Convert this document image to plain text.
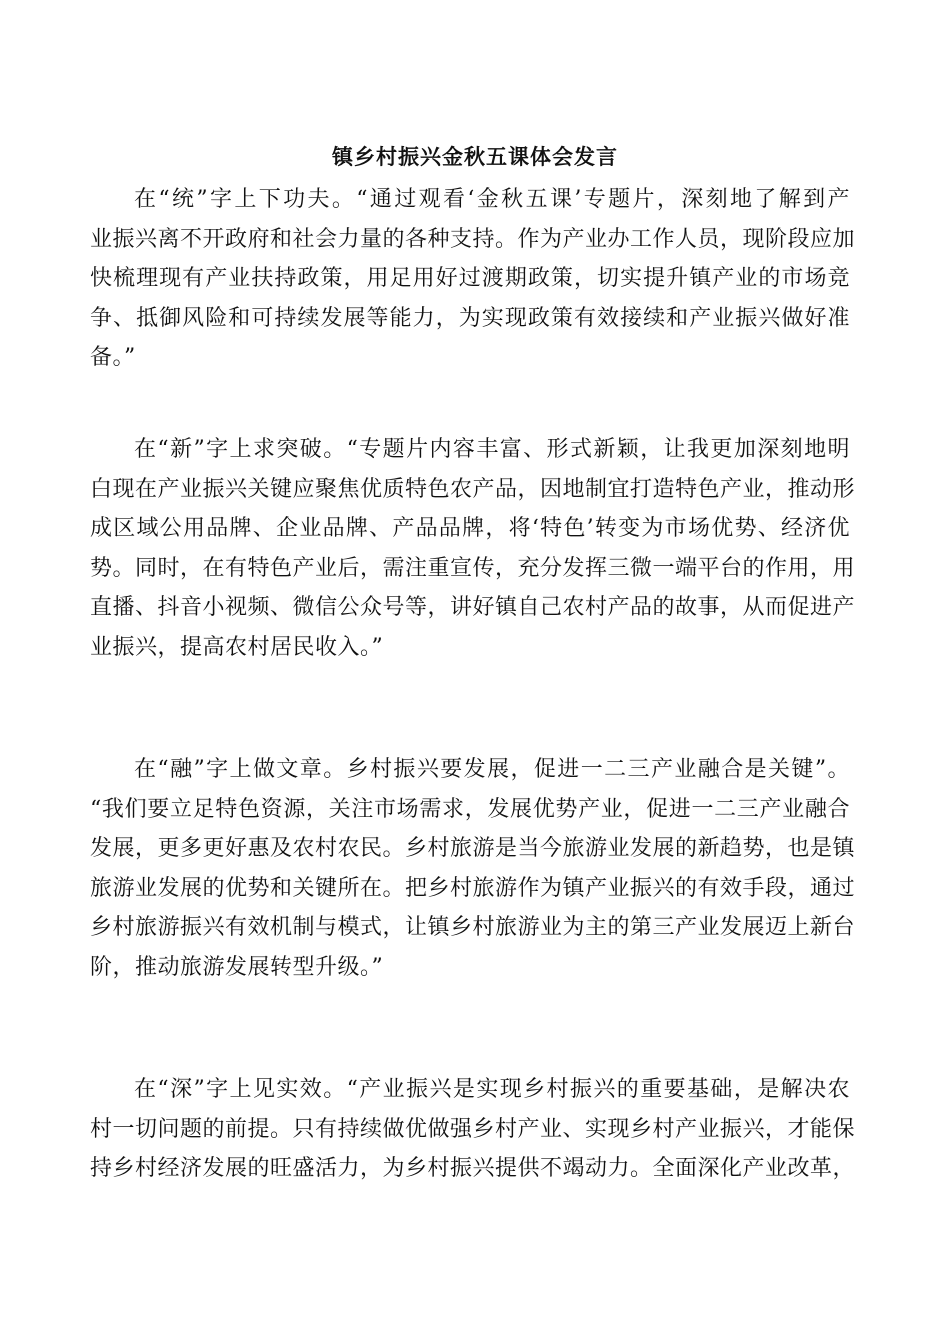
镇乡村振兴金秋五课体会发言
在“统”字上下功夫。“通过观看‘金秋五课’专题片，深刻地了解到产
业振兴离不开政府和社会力量的各种支持。作为产业办工作人员，现阶段应加
快梳理现有产业扶持政策，用足用好过渡期政策，切实提升镇产业的市场竞
争、抵御风险和可持续发展等能力，为实现政策有效接续和产业振兴做好准
备。”
在“新”字上求突破。“专题片内容丰富、形式新颖，让我更加深刻地明
白现在产业振兴关键应聚焦优质特色农产品，因地制宜打造特色产业，推动形
成区域公用品牌、企业品牌、产品品牌，将‘特色’转变为市场优势、经济优
势。同时，在有特色产业后，需注重宣传，充分发挥三微一端平台的作用，用
直播、抖音小视频、微信公众号等，讲好镇自己农村产品的故事，从而促进产
业振兴，提高农村居民收入。”
在“融”字上做文章。乡村振兴要发展，促进一二三产业融合是关键”。
“我们要立足特色资源，关注市场需求，发展优势产业，促进一二三产业融合
发展，更多更好惠及农村农民。乡村旅游是当今旅游业发展的新趋势，也是镇
旅游业发展的优势和关键所在。把乡村旅游作为镇产业振兴的有效手段，通过
乡村旅游振兴有效机制与模式，让镇乡村旅游业为主的第三产业发展迈上新台
阶，推动旅游发展转型升级。”
在“深”字上见实效。“产业振兴是实现乡村振兴的重要基础，是解决农
村一切问题的前提。只有持续做优做强乡村产业、实现乡村产业振兴，才能保
持乡村经济发展的旺盛活力，为乡村振兴提供不竭动力。全面深化产业改革，
